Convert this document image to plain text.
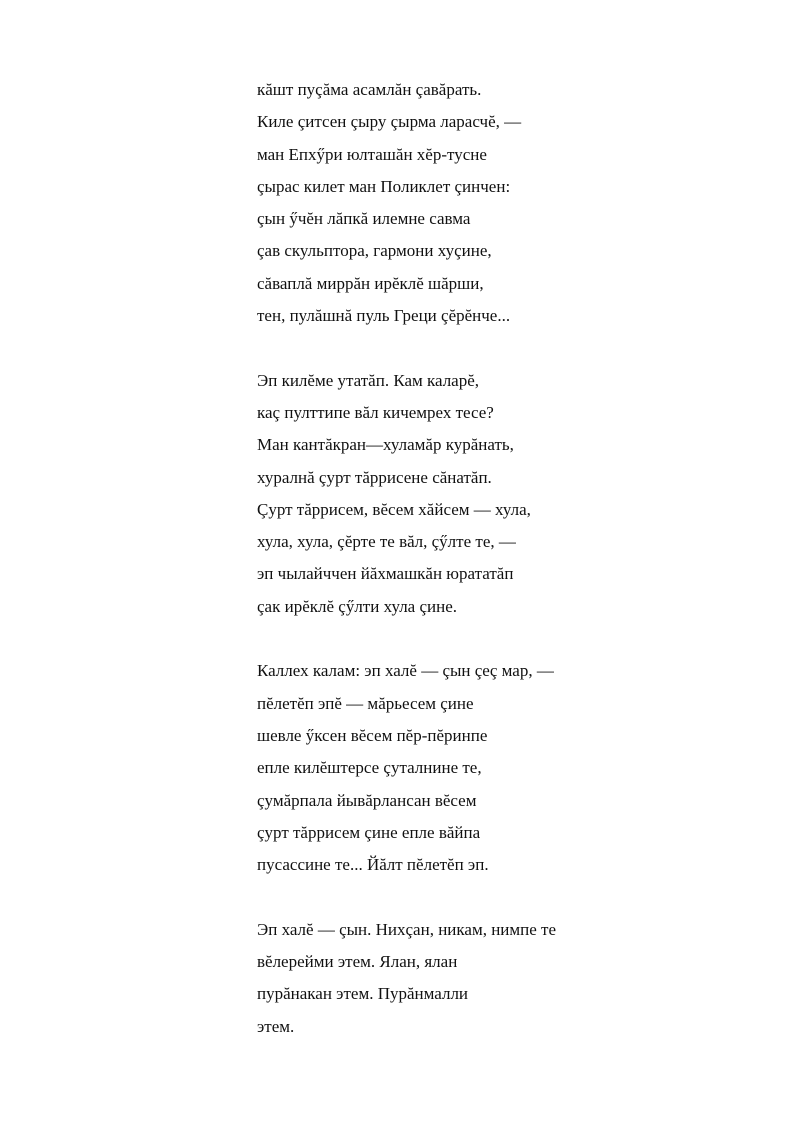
кăшт пуçăма асамлăн çавăрать.
Киле çитсен çыру çырма ларасчĕ, —
ман Епхӳри юлташăн хĕр-тусне
çырас килет ман Поликлет çинчен:
çын ӳчĕн лăпкă илемне савма
çав скульптора, гармони хуçине,
сăваплă миррăн ирĕклĕ шăрши,
тен, пулăшнă пуль Греци çĕрĕнче...
Эп килĕме утатăп. Кам каларĕ,
каç пулттипе вăл кичемрех тесе?
Ман кантăкран—хуламăр курăнать,
хуралнă çурт тăррисене сăнатăп.
Çурт тăррисем, вĕсем хăйсем — хула,
хула, хула, çĕрте те вăл, çӳлте те, —
эп чылайччен йăхмашкăн юрататăп
çак ирĕклĕ çӳлти хула çине.
Каллех калам: эп халĕ — çын çеç мар, —
пĕлетĕп эпĕ — мăрьесем çине
шевле ӳксен вĕсем пĕр-пĕринпе
епле килĕштерсе çуталнине те,
çумăрпала йывăрлансан вĕсем
çурт тăррисем çине епле вăйпа
пусассине те... Йăлт пĕлетĕп эп.
Эп халĕ — çын. Нихçан, никам, нимпе те
вĕлерейми этем. Ялан, ялан
пурăнакан этем. Пурăнмалли
этем.
